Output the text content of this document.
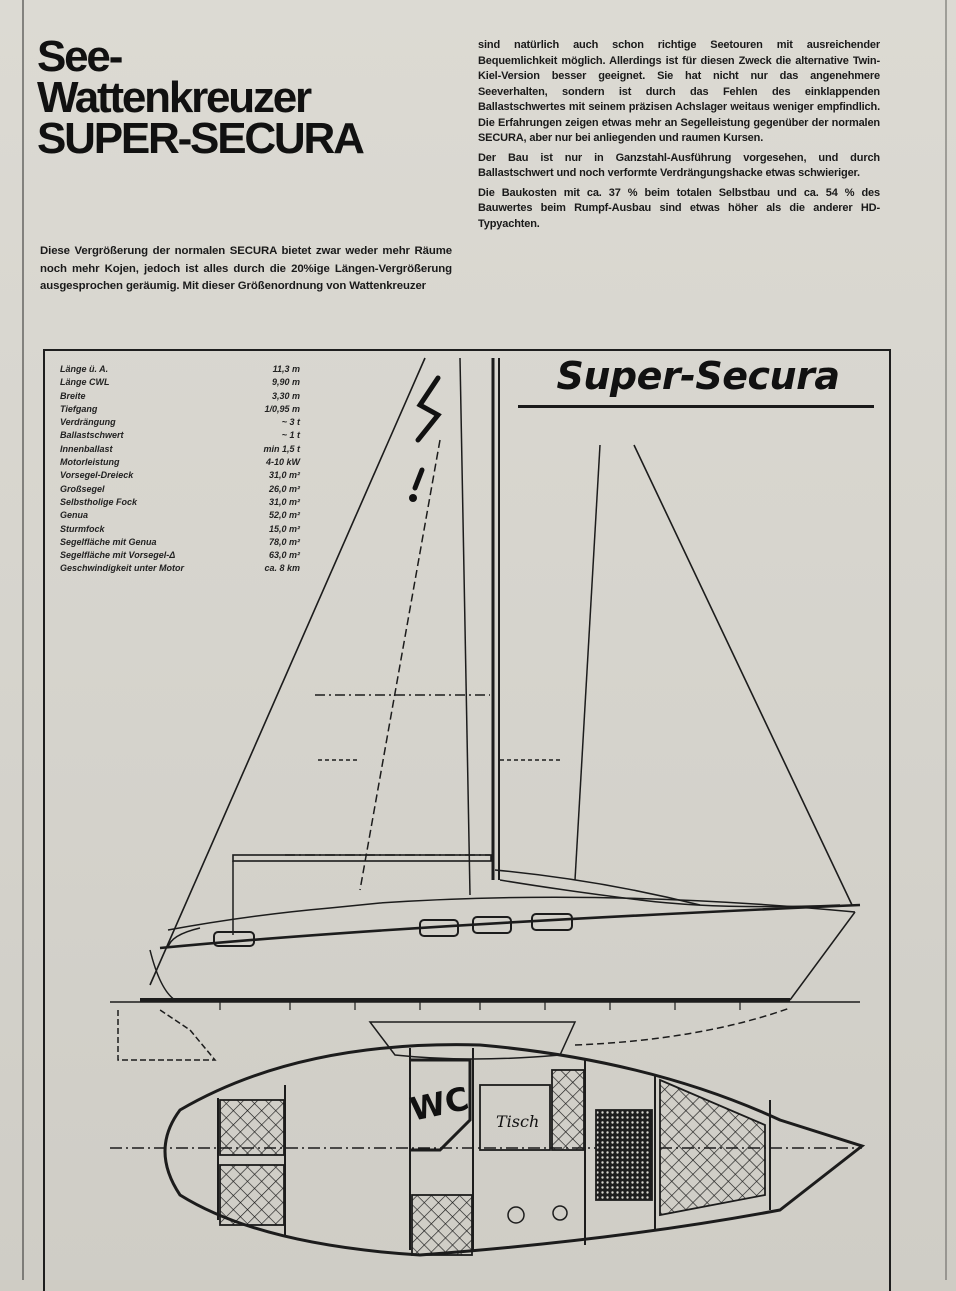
See-
Wattenkreuzer
SUPER-SECURA
Diese Vergrößerung der normalen SECURA bietet zwar weder mehr Räume noch mehr Kojen, jedoch ist alles durch die 20%ige Längen-Vergrößerung ausgesprochen geräumig. Mit dieser Größenordnung von Wattenkreuzer

sind natürlich auch schon richtige Seetouren mit ausreichender Bequemlichkeit möglich. Allerdings ist für diesen Zweck die alternative Twin-Kiel-Version besser geeignet. Sie hat nicht nur das angenehmere Seeverhalten, sondern ist durch das Fehlen des einklappenden Ballastschwertes mit seinem präzisen Achslager weitaus weniger empfindlich. Die Erfahrungen zeigen etwas mehr an Segelleistung gegenüber der normalen SECURA, aber nur bei anliegenden und raumen Kursen.

Der Bau ist nur in Ganzstahl-Ausführung vorgesehen, und durch Ballastschwert und noch verformte Verdrängungshacke etwas schwieriger.

Die Baukosten mit ca. 37 % beim totalen Selbstbau und ca. 54 % des Bauwertes beim Rumpf-Ausbau sind etwas höher als die anderer HD-Typyachten.

Super-Secura
Länge ü. A.	11,3 m
Länge CWL	9,90 m
Breite	3,30 m
Tiefgang	1/0,95 m
Verdrängung	~ 3 t
Ballastschwert	~ 1 t
Innenballast	min 1,5 t
Motorleistung	4-10 kW
Vorsegel-Dreieck	31,0 m²
Großsegel	26,0 m²
Selbstholige Fock	31,0 m²
Genua	52,0 m²
Sturmfock	15,0 m²
Segelfläche mit Genua	78,0 m²
Segelfläche mit Vorsegel-Δ	63,0 m²
Geschwindigkeit unter Motor	ca. 8 km
WC Tisch
